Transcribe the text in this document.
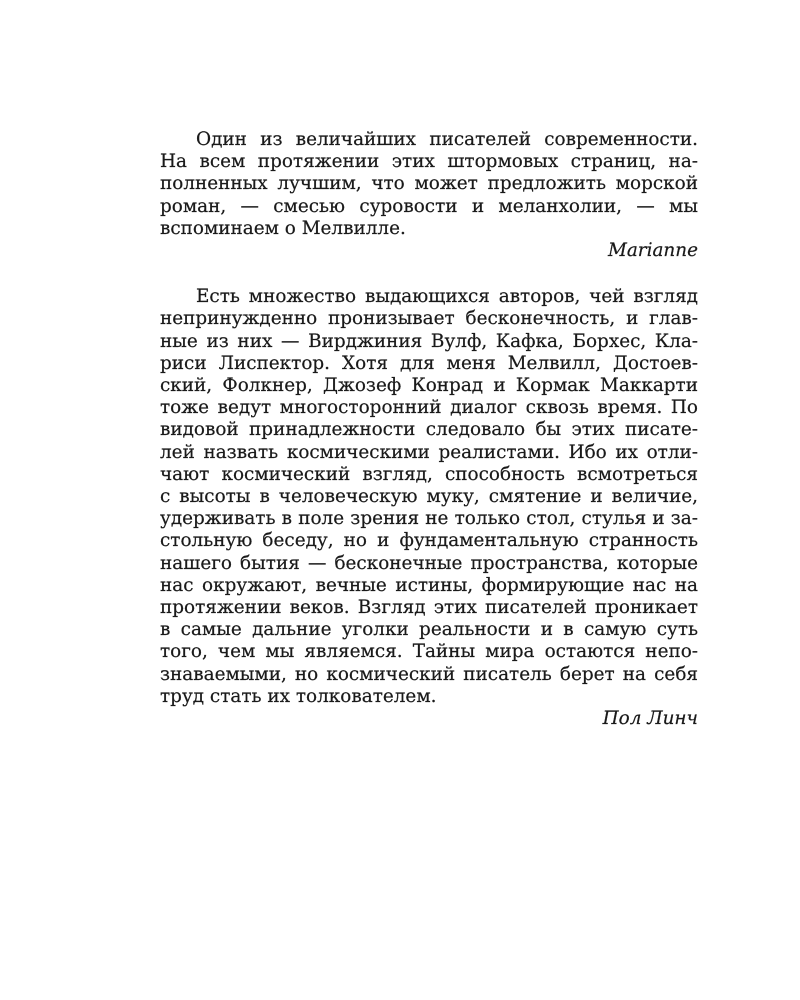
Один из величайших писателей современности.
На всем протяжении этих штормовых страниц, на-
полненных лучшим, что может предложить морской
роман, — смесью суровости и меланхолии, — мы
вспоминаем о Мелвилле.
Marianne
Есть множество выдающихся авторов, чей взгляд
непринужденно пронизывает бесконечность, и глав-
ные из них — Вирджиния Вулф, Кафка, Борхес, Кла-
риси Лиспектор. Хотя для меня Мелвилл, Достоев-
ский, Фолкнер, Джозеф Конрад и Кормак Маккарти
тоже ведут многосторонний диалог сквозь время. По
видовой принадлежности следовало бы этих писате-
лей назвать космическими реалистами. Ибо их отли-
чают космический взгляд, способность всмотреться
с высоты в человеческую муку, смятение и величие,
удерживать в поле зрения не только стол, стулья и за-
стольную беседу, но и фундаментальную странность
нашего бытия — бесконечные пространства, которые
нас окружают, вечные истины, формирующие нас на
протяжении веков. Взгляд этих писателей проникает
в самые дальние уголки реальности и в самую суть
того, чем мы являемся. Тайны мира остаются непо-
знаваемыми, но космический писатель берет на себя
труд стать их толкователем.
Пол Линч
